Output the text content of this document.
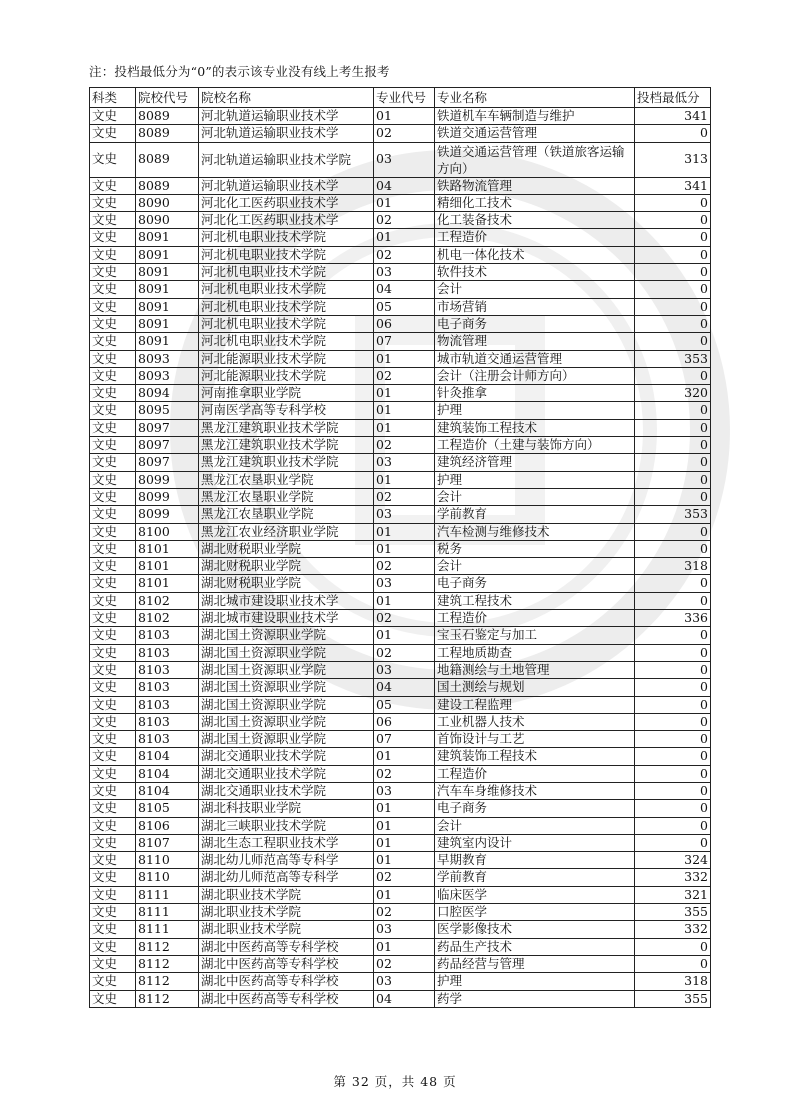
注：投档最低分为“0”的表示该专业没有线上考生报考
科类	院校代号	院校名称	专业代号	专业名称	投档最低分
文史	8089	河北轨道运输职业技术学	01	铁道机车车辆制造与维护	341
文史	8089	河北轨道运输职业技术学	02	铁道交通运营管理	0
文史	8089	河北轨道运输职业技术学院	03	铁道交通运营管理（铁道旅客运输方向）	313
文史	8089	河北轨道运输职业技术学	04	铁路物流管理	341
文史	8090	河北化工医药职业技术学	01	精细化工技术	0
文史	8090	河北化工医药职业技术学	02	化工装备技术	0
文史	8091	河北机电职业技术学院	01	工程造价	0
文史	8091	河北机电职业技术学院	02	机电一体化技术	0
文史	8091	河北机电职业技术学院	03	软件技术	0
文史	8091	河北机电职业技术学院	04	会计	0
文史	8091	河北机电职业技术学院	05	市场营销	0
文史	8091	河北机电职业技术学院	06	电子商务	0
文史	8091	河北机电职业技术学院	07	物流管理	0
文史	8093	河北能源职业技术学院	01	城市轨道交通运营管理	353
文史	8093	河北能源职业技术学院	02	会计（注册会计师方向）	0
文史	8094	河南推拿职业学院	01	针灸推拿	320
文史	8095	河南医学高等专科学校	01	护理	0
文史	8097	黑龙江建筑职业技术学院	01	建筑装饰工程技术	0
文史	8097	黑龙江建筑职业技术学院	02	工程造价（土建与装饰方向）	0
文史	8097	黑龙江建筑职业技术学院	03	建筑经济管理	0
文史	8099	黑龙江农垦职业学院	01	护理	0
文史	8099	黑龙江农垦职业学院	02	会计	0
文史	8099	黑龙江农垦职业学院	03	学前教育	353
文史	8100	黑龙江农业经济职业学院	01	汽车检测与维修技术	0
文史	8101	湖北财税职业学院	01	税务	0
文史	8101	湖北财税职业学院	02	会计	318
文史	8101	湖北财税职业学院	03	电子商务	0
文史	8102	湖北城市建设职业技术学	01	建筑工程技术	0
文史	8102	湖北城市建设职业技术学	02	工程造价	336
文史	8103	湖北国土资源职业学院	01	宝玉石鉴定与加工	0
文史	8103	湖北国土资源职业学院	02	工程地质勘查	0
文史	8103	湖北国土资源职业学院	03	地籍测绘与土地管理	0
文史	8103	湖北国土资源职业学院	04	国土测绘与规划	0
文史	8103	湖北国土资源职业学院	05	建设工程监理	0
文史	8103	湖北国土资源职业学院	06	工业机器人技术	0
文史	8103	湖北国土资源职业学院	07	首饰设计与工艺	0
文史	8104	湖北交通职业技术学院	01	建筑装饰工程技术	0
文史	8104	湖北交通职业技术学院	02	工程造价	0
文史	8104	湖北交通职业技术学院	03	汽车车身维修技术	0
文史	8105	湖北科技职业学院	01	电子商务	0
文史	8106	湖北三峡职业技术学院	01	会计	0
文史	8107	湖北生态工程职业技术学	01	建筑室内设计	0
文史	8110	湖北幼儿师范高等专科学	01	早期教育	324
文史	8110	湖北幼儿师范高等专科学	02	学前教育	332
文史	8111	湖北职业技术学院	01	临床医学	321
文史	8111	湖北职业技术学院	02	口腔医学	355
文史	8111	湖北职业技术学院	03	医学影像技术	332
文史	8112	湖北中医药高等专科学校	01	药品生产技术	0
文史	8112	湖北中医药高等专科学校	02	药品经营与管理	0
文史	8112	湖北中医药高等专科学校	03	护理	318
文史	8112	湖北中医药高等专科学校	04	药学	355
第 32 页，共 48 页
